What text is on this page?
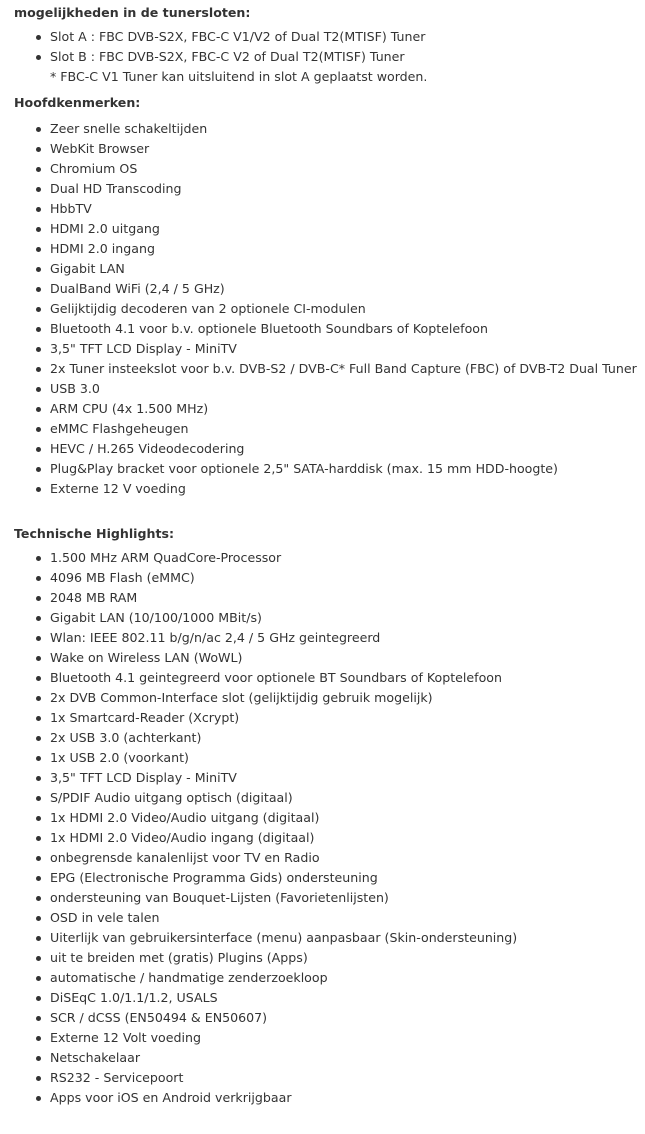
mogelijkheden in de tunersloten:
Slot A : FBC DVB-S2X, FBC-C V1/V2 of Dual T2(MTISF) Tuner
Slot B : FBC DVB-S2X, FBC-C V2 of Dual T2(MTISF) Tuner
* FBC-C V1 Tuner kan uitsluitend in slot A geplaatst worden.
Hoofdkenmerken:
Zeer snelle schakeltijden
WebKit Browser
Chromium OS
Dual HD Transcoding
HbbTV
HDMI 2.0 uitgang
HDMI 2.0 ingang
Gigabit LAN
DualBand WiFi (2,4 / 5 GHz)
Gelijktijdig decoderen van 2 optionele CI-modulen
Bluetooth 4.1 voor b.v. optionele Bluetooth Soundbars of Koptelefoon
3,5" TFT LCD Display - MiniTV
2x Tuner insteekslot voor b.v. DVB-S2 / DVB-C* Full Band Capture (FBC) of DVB-T2 Dual Tuner
USB 3.0
ARM CPU (4x 1.500 MHz)
eMMC Flashgeheugen
HEVC / H.265 Videodecodering
Plug&Play bracket voor optionele 2,5" SATA-harddisk (max. 15 mm HDD-hoogte)
Externe 12 V voeding
Technische Highlights:
1.500 MHz ARM QuadCore-Processor
4096 MB Flash (eMMC)
2048 MB RAM
Gigabit LAN (10/100/1000 MBit/s)
Wlan: IEEE 802.11 b/g/n/ac 2,4 / 5 GHz geintegreerd
Wake on Wireless LAN (WoWL)
Bluetooth 4.1 geintegreerd voor optionele BT Soundbars of Koptelefoon
2x DVB Common-Interface slot (gelijktijdig gebruik mogelijk)
1x Smartcard-Reader (Xcrypt)
2x USB 3.0 (achterkant)
1x USB 2.0 (voorkant)
3,5" TFT LCD Display - MiniTV
S/PDIF Audio uitgang optisch (digitaal)
1x HDMI 2.0 Video/Audio uitgang (digitaal)
1x HDMI 2.0 Video/Audio ingang (digitaal)
onbegrensde kanalenlijst voor TV en Radio
EPG (Electronische Programma Gids) ondersteuning
ondersteuning van Bouquet-Lijsten (Favorietenlijsten)
OSD in vele talen
Uiterlijk van gebruikersinterface (menu) aanpasbaar (Skin-ondersteuning)
uit te breiden met (gratis) Plugins (Apps)
automatische / handmatige zenderzoekloop
DiSEqC 1.0/1.1/1.2, USALS
SCR / dCSS (EN50494 & EN50607)
Externe 12 Volt voeding
Netschakelaar
RS232 - Servicepoort
Apps voor iOS en Android verkrijgbaar
